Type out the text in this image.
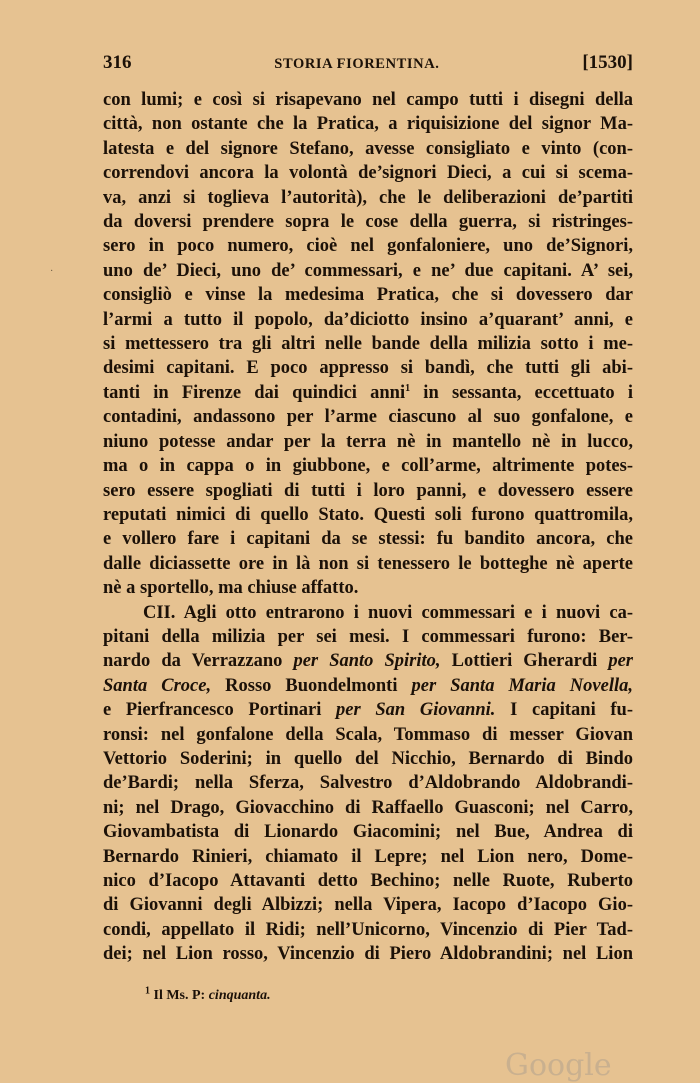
·
316	STORIA FIORENTINA.	[1530]
con lumi; e così si risapevano nel campo tutti i disegni della
città, non ostante che la Pratica, a riquisizione del signor Ma-
latesta e del signore Stefano, avesse consigliato e vinto (con-
correndovi ancora la volontà de’signori Dieci, a cui si scema-
va, anzi si toglieva l’autorità), che le deliberazioni de’partiti
da doversi prendere sopra le cose della guerra, si ristringes-
sero in poco numero, cioè nel gonfaloniere, uno de’Signori,
uno de’ Dieci, uno de’ commessari, e ne’ due capitani. A’ sei,
consigliò e vinse la medesima Pratica, che si dovessero dar
l’armi a tutto il popolo, da’diciotto insino a’quarant’ anni, e
si mettessero tra gli altri nelle bande della milizia sotto i me-
desimi capitani. E poco appresso si bandì, che tutti gli abi-
tanti in Firenze dai quindici anni$^1$ in sessanta, eccettuato i
contadini, andassono per l’arme ciascuno al suo gonfalone, e
niuno potesse andar per la terra nè in mantello nè in lucco,
ma o in cappa o in giubbone, e coll’arme, altrimente potes-
sero essere spogliati di tutti i loro panni, e dovessero essere
reputati nimici di quello Stato. Questi soli furono quattromila,
e vollero fare i capitani da se stessi: fu bandito ancora, che
dalle diciassette ore in là non si tenessero le botteghe nè aperte
nè a sportello, ma chiuse affatto.
CII. Agli otto entrarono i nuovi commessari e i nuovi ca-
pitani della milizia per sei mesi. I commessari furono: Ber-
nardo da Verrazzano per Santo Spirito, Lottieri Gherardi per
Santa Croce, Rosso Buondelmonti per Santa Maria Novella,
e Pierfrancesco Portinari per San Giovanni. I capitani fu-
ronsi: nel gonfalone della Scala, Tommaso di messer Giovan
Vettorio Soderini; in quello del Nicchio, Bernardo di Bindo
de’Bardi; nella Sferza, Salvestro d’Aldobrando Aldobrandi-
ni; nel Drago, Giovacchino di Raffaello Guasconi; nel Carro,
Giovambatista di Lionardo Giacomini; nel Bue, Andrea di
Bernardo Rinieri, chiamato il Lepre; nel Lion nero, Dome-
nico d’Iacopo Attavanti detto Bechino; nelle Ruote, Ruberto
di Giovanni degli Albizzi; nella Vipera, Iacopo d’Iacopo Gio-
condi, appellato il Ridi; nell’Unicorno, Vincenzio di Pier Tad-
dei; nel Lion rosso, Vincenzio di Piero Aldobrandini; nel Lion
$^1$ Il Ms. P: cinquanta.
Google
